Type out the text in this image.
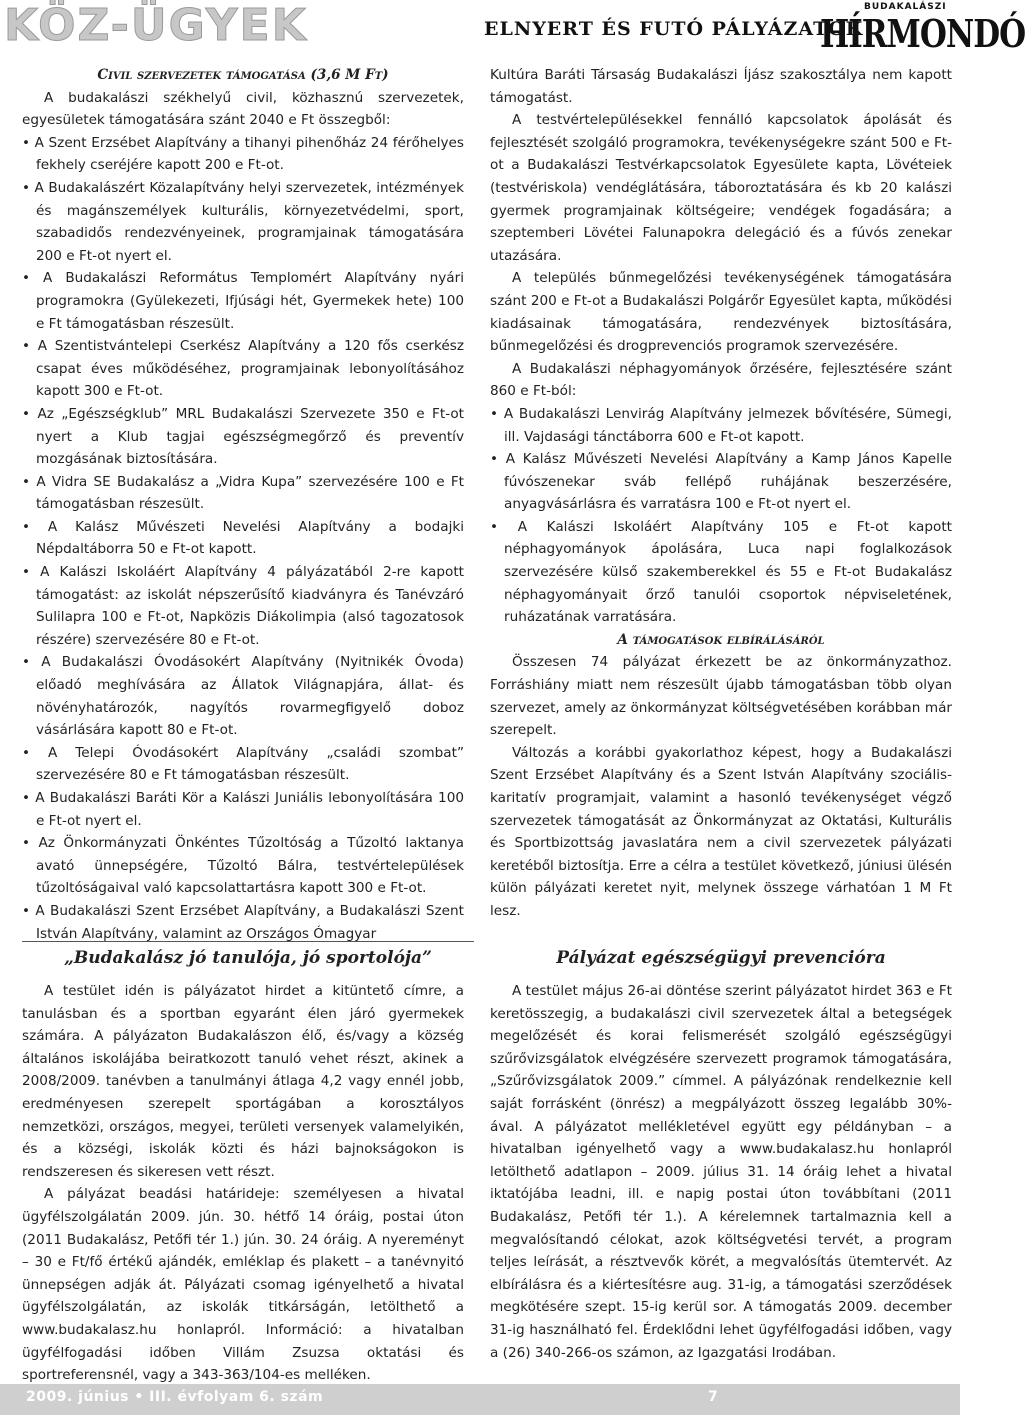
KÖZ-ÜGYEK	ELNYERT ÉS FUTÓ PÁLYÁZATOK
BUDAKALÁSZI
HÍRMONDÓ

Civil szervezetek támogatása (3,6 M Ft)

A budakalászi székhelyű civil, közhasznú szervezetek, egyesületek támogatására szánt 2040 e Ft összegből:

• A Szent Erzsébet Alapítvány a tihanyi pihenőház 24 férőhelyes fekhely cseréjére kapott 200 e Ft-ot.

• A Budakalászért Közalapítvány helyi szervezetek, intézmények és magánszemélyek kulturális, környezetvédelmi, sport, szabadidős rendezvényeinek, programjainak támogatására 200 e Ft-ot nyert el.

• A Budakalászi Református Templomért Alapítvány nyári programokra (Gyülekezeti, Ifjúsági hét, Gyermekek hete) 100 e Ft támogatásban részesült.

• A Szentistvántelepi Cserkész Alapítvány a 120 fős cserkész csapat éves működéséhez, programjainak lebonyolításához kapott 300 e Ft-ot.

• Az „Egészségklub” MRL Budakalászi Szervezete 350 e Ft-ot nyert a Klub tagjai egészségmegőrző és preventív mozgásának biztosítására.

• A Vidra SE Budakalász a „Vidra Kupa” szervezésére 100 e Ft támogatásban részesült.

• A Kalász Művészeti Nevelési Alapítvány a bodajki Népdaltáborra 50 e Ft-ot kapott.

• A Kalászi Iskoláért Alapítvány 4 pályázatából 2-re kapott támogatást: az iskolát népszerűsítő kiadványra és Tanévzáró Sulilapra 100 e Ft-ot, Napközis Diákolimpia (alsó tagozatosok részére) szervezésére 80 e Ft-ot.

• A Budakalászi Óvodásokért Alapítvány (Nyitnikék Óvoda) előadó meghívására az Állatok Világnapjára, állat- és növényhatározók, nagyítós rovarmegfigyelő doboz vásárlására kapott 80 e Ft-ot.

• A Telepi Óvodásokért Alapítvány „családi szombat” szervezésére 80 e Ft támogatásban részesült.

• A Budakalászi Baráti Kör a Kalászi Juniális lebonyolítására 100 e Ft-ot nyert el.

• Az Önkormányzati Önkéntes Tűzoltóság a Tűzoltó laktanya avató ünnepségére, Tűzoltó Bálra, testvértelepülések tűzoltóságaival való kapcsolattartásra kapott 300 e Ft-ot.

• A Budakalászi Szent Erzsébet Alapítvány, a Budakalászi Szent István Alapítvány, valamint az Országos Ómagyar

Kultúra Baráti Társaság Budakalászi Íjász szakosztálya nem kapott támogatást.

A testvértelepülésekkel fennálló kapcsolatok ápolását és fejlesztését szolgáló programokra, tevékenységekre szánt 500 e Ft-ot a Budakalászi Testvérkapcsolatok Egyesülete kapta, Lövéteiek (testvériskola) vendéglátására, táboroztatására és kb 20 kalászi gyermek programjainak költségeire; vendégek fogadására; a szeptemberi Lövétei Falunapokra delegáció és a fúvós zenekar utazására.

A település bűnmegelőzési tevékenységének támogatására szánt 200 e Ft-ot a Budakalászi Polgárőr Egyesület kapta, működési kiadásainak támogatására, rendezvények biztosítására, bűnmegelőzési és drogprevenciós programok szervezésére.

A Budakalászi néphagyományok őrzésére, fejlesztésére szánt 860 e Ft-ból:

• A Budakalászi Lenvirág Alapítvány jelmezek bővítésére, Sümegi, ill. Vajdasági tánctáborra 600 e Ft-ot kapott.

• A Kalász Művészeti Nevelési Alapítvány a Kamp János Kapelle fúvószenekar sváb fellépő ruhájának beszerzésére, anyagvásárlásra és varratásra 100 e Ft-ot nyert el.

• A Kalászi Iskoláért Alapítvány 105 e Ft-ot kapott néphagyományok ápolására, Luca napi foglalkozások szervezésére külső szakemberekkel és 55 e Ft-ot Budakalász néphagyományait őrző tanulói csoportok népviseletének, ruházatának varratására.

A támogatások elbírálásáról

Összesen 74 pályázat érkezett be az önkormányzathoz. Forráshiány miatt nem részesült újabb támogatásban több olyan szervezet, amely az önkormányzat költségvetésében korábban már szerepelt.

Változás a korábbi gyakorlathoz képest, hogy a Budakalászi Szent Erzsébet Alapítvány és a Szent István Alapítvány szociális-karitatív programjait, valamint a hasonló tevékenységet végző szervezetek támogatását az Önkormányzat az Oktatási, Kulturális és Sportbizottság javaslatára nem a civil szervezetek pályázati keretéből biztosítja. Erre a célra a testület következő, júniusi ülésén külön pályázati keretet nyit, melynek összege várhatóan 1 M Ft lesz.

„Budakalász jó tanulója, jó sportolója”

A testület idén is pályázatot hirdet a kitüntető címre, a tanulásban és a sportban egyaránt élen járó gyermekek számára. A pályázaton Budakalászon élő, és/vagy a község általános iskolájába beiratkozott tanuló vehet részt, akinek a 2008/2009. tanévben a tanulmányi átlaga 4,2 vagy ennél jobb, eredményesen szerepelt sportágában a korosztályos nemzetközi, országos, megyei, területi versenyek valamelyikén, és a községi, iskolák közti és házi bajnokságokon is rendszeresen és sikeresen vett részt.

A pályázat beadási határideje: személyesen a hivatal ügyfélszolgálatán 2009. jún. 30. hétfő 14 óráig, postai úton (2011 Budakalász, Petőfi tér 1.) jún. 30. 24 óráig. A nyereményt – 30 e Ft/fő értékű ajándék, emléklap és plakett – a tanévnyitó ünnepségen adják át. Pályázati csomag igényelhető a hivatal ügyfélszolgálatán, az iskolák titkárságán, letölthető a www.budakalasz.hu honlapról. Információ: a hivatalban ügyfélfogadási időben Villám Zsuzsa oktatási és sportreferensnél, vagy a 343-363/104-es melléken.

Pályázat egészségügyi prevencióra

A testület május 26-ai döntése szerint pályázatot hirdet 363 e Ft keretösszegig, a budakalászi civil szervezetek által a betegségek megelőzését és korai felismerését szolgáló egészségügyi szűrővizsgálatok elvégzésére szervezett programok támogatására, „Szűrővizsgálatok 2009.” címmel. A pályázónak rendelkeznie kell saját forrásként (önrész) a megpályázott összeg legalább 30%-ával. A pályázatot mellékletével együtt egy példányban – a hivatalban igényelhető vagy a www.budakalasz.hu honlapról letölthető adatlapon – 2009. július 31. 14 óráig lehet a hivatal iktatójába leadni, ill. e napig postai úton továbbítani (2011 Budakalász, Petőfi tér 1.). A kérelemnek tartalmaznia kell a megvalósítandó célokat, azok költségvetési tervét, a program teljes leírását, a résztvevők körét, a megvalósítás ütemtervét. Az elbírálásra és a kiértesítésre aug. 31-ig, a támogatási szerződések megkötésére szept. 15-ig kerül sor. A támogatás 2009. december 31-ig használható fel. Érdeklődni lehet ügyfélfogadási időben, vagy a (26) 340-266-os számon, az Igazgatási Irodában.

2009. június • III. évfolyam 6. szám	7
